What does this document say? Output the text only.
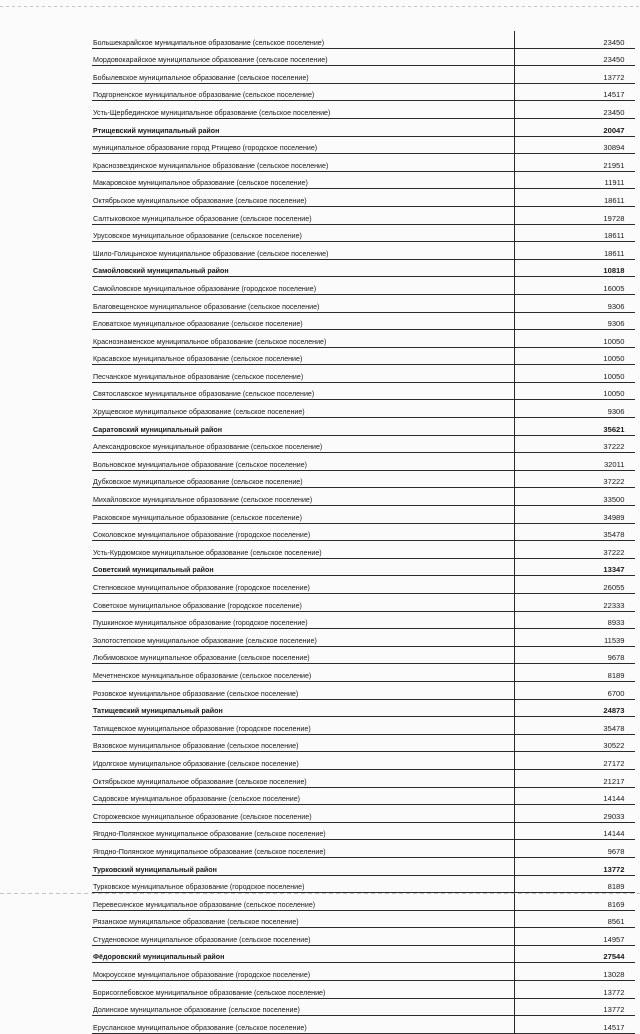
Большекарайское муниципальное образование (сельское поселение)	23450
Мордовокарайское муниципальное образование (сельское поселение)	23450
Бобылевское муниципальное образование (сельское поселение)	13772
Подгорненское муниципальное образование (сельское поселение)	14517
Усть-Щербединское муниципальное образование (сельское поселение)	23450
Ртищевский муниципальный район	20047
муниципальное образование город Ртищево (городское поселение)	30894
Краснозвездинское муниципальное образование (сельское поселение)	21951
Макаровское муниципальное образование (сельское поселение)	11911
Октябрьское муниципальное образование (сельское поселение)	18611
Салтыковское муниципальное образование (сельское поселение)	19728
Урусовское муниципальное образование (сельское поселение)	18611
Шило-Голицынское муниципальное образование (сельское поселение)	18611
Самойловский муниципальный район	10818
Самойловское муниципальное образование (городское поселение)	16005
Благовещенское муниципальное образование (сельское поселение)	9306
Еловатское муниципальное образование (сельское поселение)	9306
Краснознаменское муниципальное образование (сельское поселение)	10050
Красавское муниципальное образование (сельское поселение)	10050
Песчанское муниципальное образование (сельское поселение)	10050
Святославское муниципальное образование (сельское поселение)	10050
Хрущевское муниципальное образование (сельское поселение)	9306
Саратовский муниципальный район	35621
Александровское муниципальное образование (сельское поселение)	37222
Вольновское муниципальное образование (сельское поселение)	32011
Дубковское муниципальное образование (сельское поселение)	37222
Михайловское муниципальное образование (сельское поселение)	33500
Расковское муниципальное образование (сельское поселение)	34989
Соколовское муниципальное образование (городское поселение)	35478
Усть-Курдюмское муниципальное образование (сельское поселение)	37222
Советский муниципальный район	13347
Степновское муниципальное образование (городское поселение)	26055
Советское муниципальное образование (городское поселение)	22333
Пушкинское муниципальное образование (городское поселение)	8933
Золотостепское муниципальное образование (сельское поселение)	11539
Любимовское муниципальное образование (сельское поселение)	9678
Мечетненское муниципальное образование (сельское поселение)	8189
Розовское муниципальное образование (сельское поселение)	6700
Татищевский муниципальный район	24873
Татищевское муниципальное образование (городское поселение)	35478
Вязовское муниципальное образование (сельское поселение)	30522
Идолгское муниципальное образование (сельское поселение)	27172
Октябрьское муниципальное образование (сельское поселение)	21217
Садовское муниципальное образование (сельское поселение)	14144
Сторожевское муниципальное образование (сельское поселение)	29033
Ягодно-Полянское муниципальное образование (сельское поселение)	14144
Ягодно-Полянское муниципальное образование (сельское поселение)	9678
Турковский муниципальный район	13772
Турковское муниципальное образование (городское поселение)	8189
Перевесинское муниципальное образование (сельское поселение)	8169
Рязанское муниципальное образование (сельское поселение)	8561
Студеновское муниципальное образование (сельское поселение)	14957
Фёдоровский муниципальный район	27544
Мокроусское муниципальное образование (городское поселение)	13028
Борисоглебовское муниципальное образование (сельское поселение)	13772
Долинское муниципальное образование (сельское поселение)	13772
Ерусланское муниципальное образование (сельское поселение)	14517
